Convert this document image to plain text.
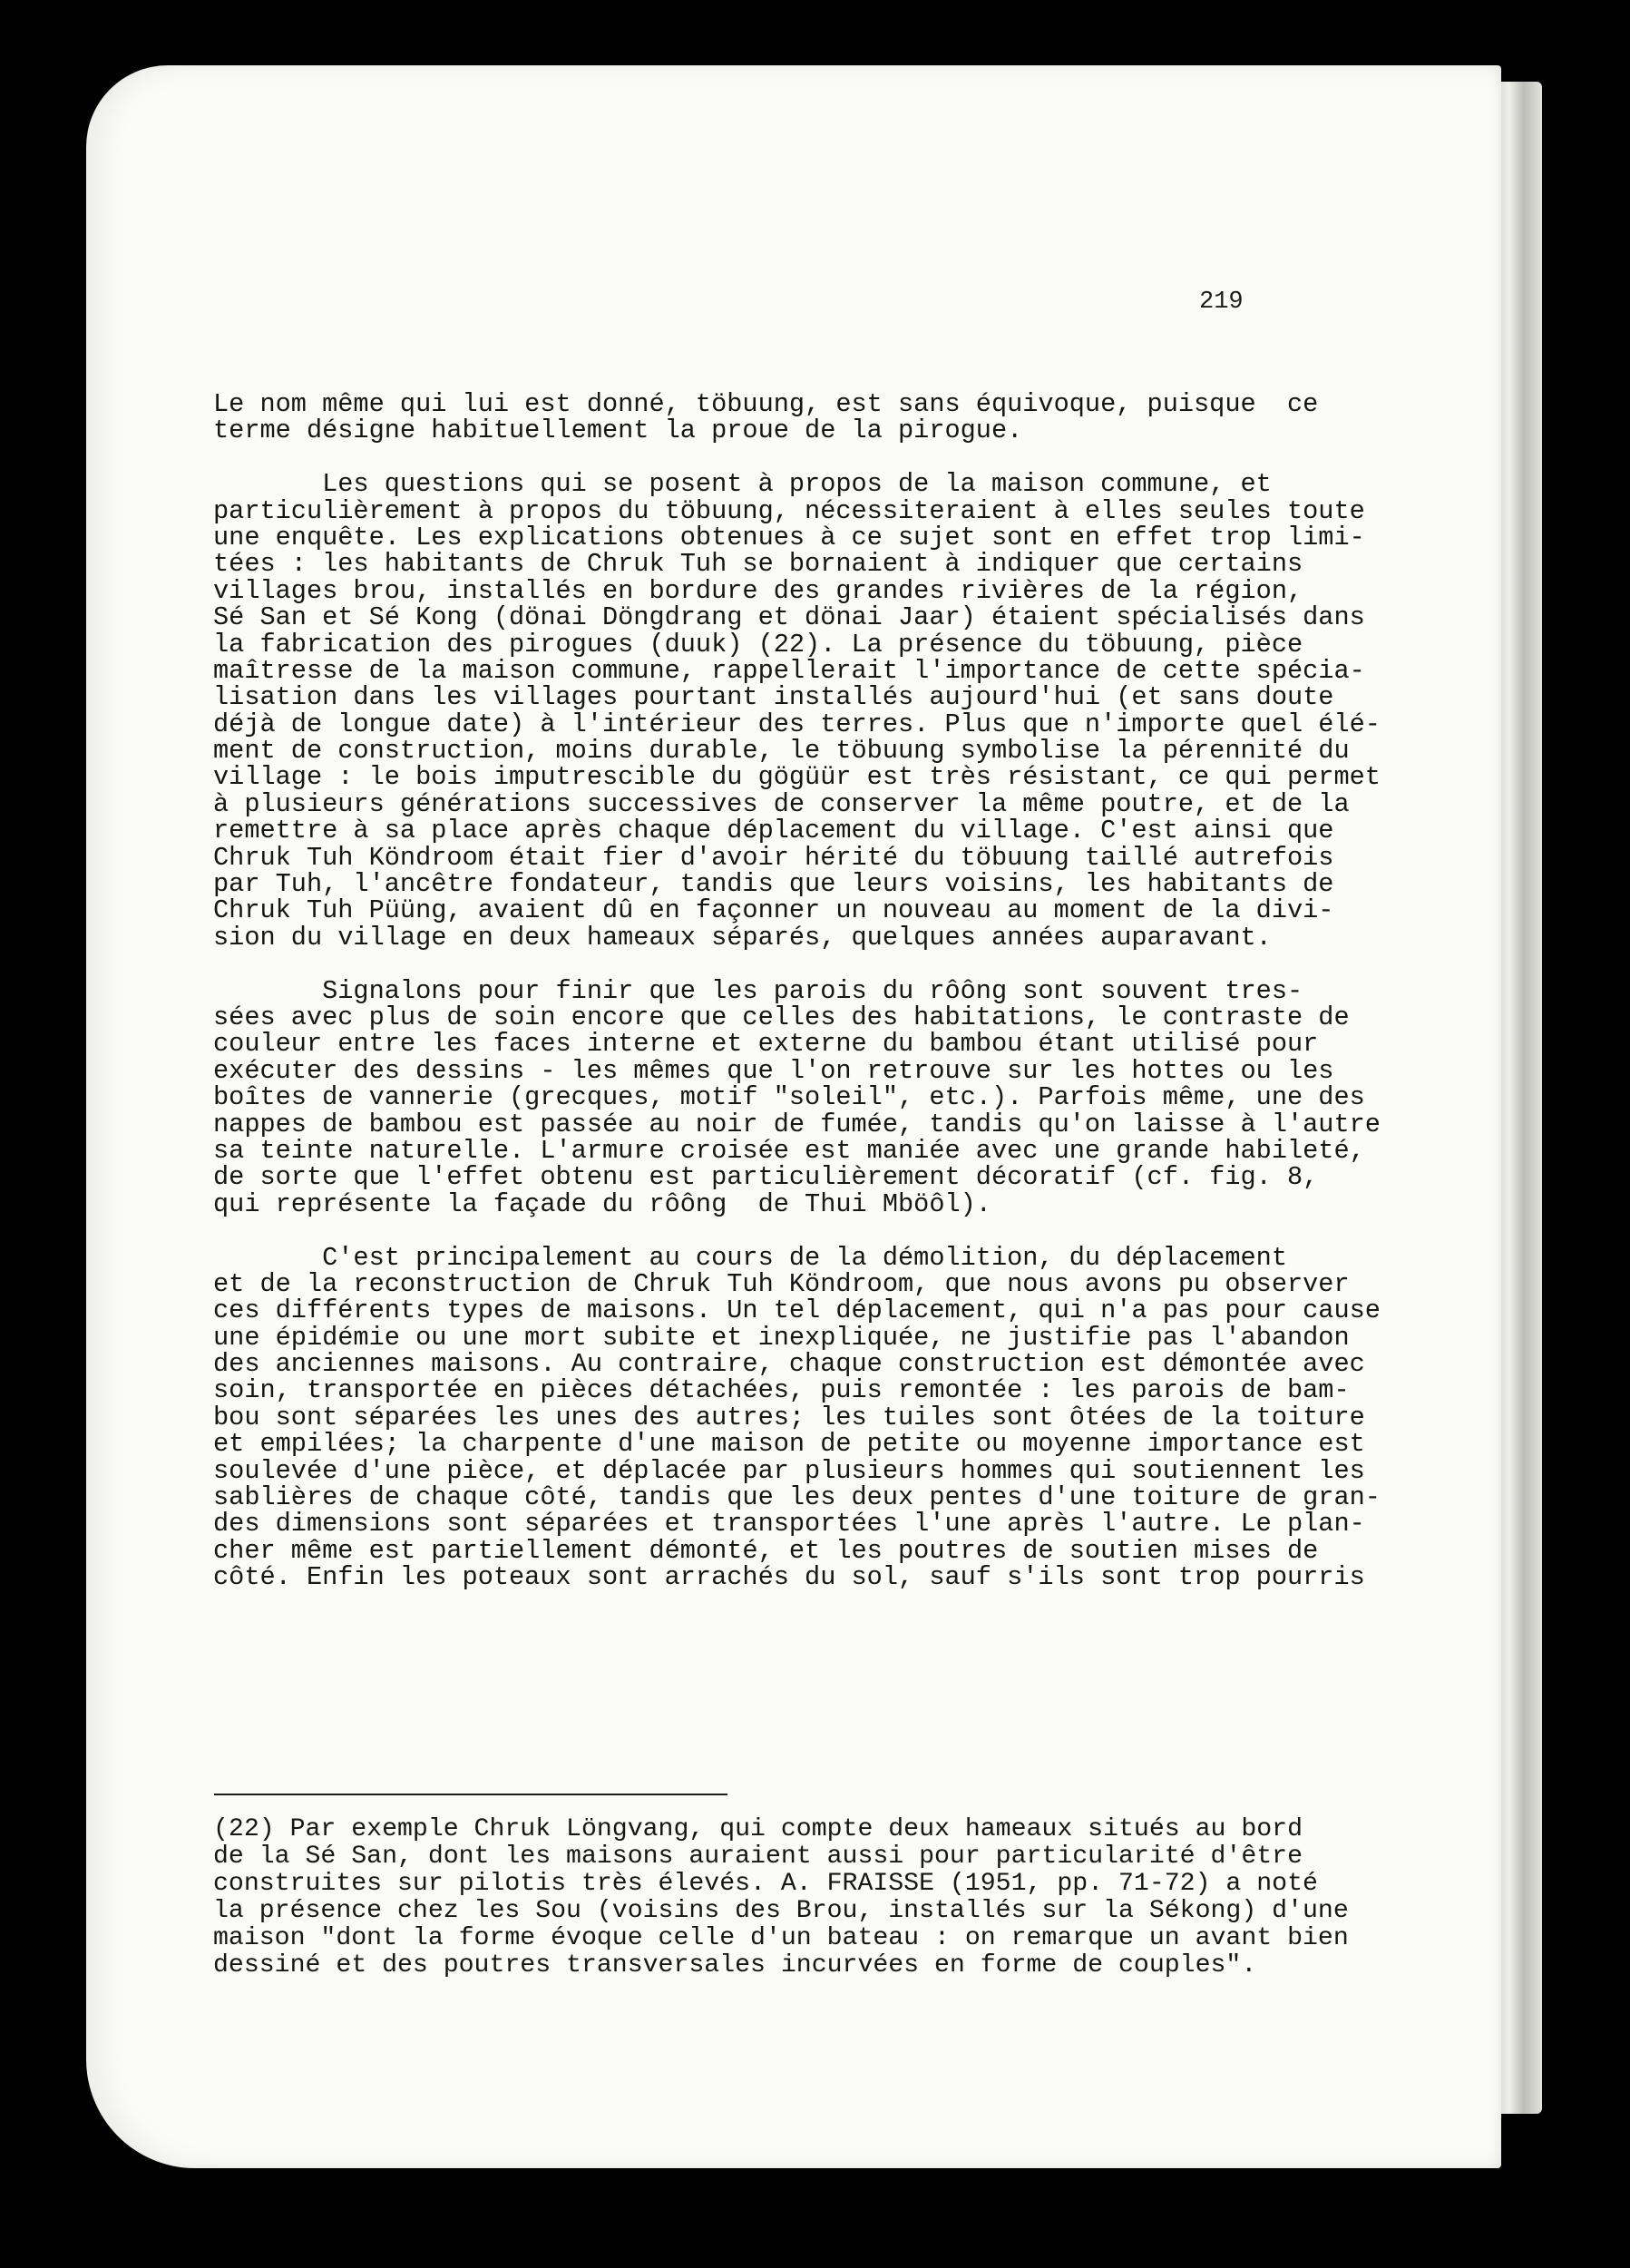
219
Le nom même qui lui est donné, töbuung, est sans équivoque, puisque  ce
terme désigne habituellement la proue de la pirogue.
Les questions qui se posent à propos de la maison commune, et
particulièrement à propos du töbuung, nécessiteraient à elles seules toute
une enquête. Les explications obtenues à ce sujet sont en effet trop limi-
tées : les habitants de Chruk Tuh se bornaient à indiquer que certains
villages brou, installés en bordure des grandes rivières de la région,
Sé San et Sé Kong (dönai Döngdrang et dönai Jaar) étaient spécialisés dans
la fabrication des pirogues (duuk) (22). La présence du töbuung, pièce
maîtresse de la maison commune, rappellerait l'importance de cette spécia-
lisation dans les villages pourtant installés aujourd'hui (et sans doute
déjà de longue date) à l'intérieur des terres. Plus que n'importe quel élé-
ment de construction, moins durable, le töbuung symbolise la pérennité du
village : le bois imputrescible du gögüür est très résistant, ce qui permet
à plusieurs générations successives de conserver la même poutre, et de la
remettre à sa place après chaque déplacement du village. C'est ainsi que
Chruk Tuh Köndroom était fier d'avoir hérité du töbuung taillé autrefois
par Tuh, l'ancêtre fondateur, tandis que leurs voisins, les habitants de
Chruk Tuh Püüng, avaient dû en façonner un nouveau au moment de la divi-
sion du village en deux hameaux séparés, quelques années auparavant.
Signalons pour finir que les parois du rôông sont souvent tres-
sées avec plus de soin encore que celles des habitations, le contraste de
couleur entre les faces interne et externe du bambou étant utilisé pour
exécuter des dessins - les mêmes que l'on retrouve sur les hottes ou les
boîtes de vannerie (grecques, motif "soleil", etc.). Parfois même, une des
nappes de bambou est passée au noir de fumée, tandis qu'on laisse à l'autre
sa teinte naturelle. L'armure croisée est maniée avec une grande habileté,
de sorte que l'effet obtenu est particulièrement décoratif (cf. fig. 8,
qui représente la façade du rôông  de Thui Mböôl).
C'est principalement au cours de la démolition, du déplacement
et de la reconstruction de Chruk Tuh Köndroom, que nous avons pu observer
ces différents types de maisons. Un tel déplacement, qui n'a pas pour cause
une épidémie ou une mort subite et inexpliquée, ne justifie pas l'abandon
des anciennes maisons. Au contraire, chaque construction est démontée avec
soin, transportée en pièces détachées, puis remontée : les parois de bam-
bou sont séparées les unes des autres; les tuiles sont ôtées de la toiture
et empilées; la charpente d'une maison de petite ou moyenne importance est
soulevée d'une pièce, et déplacée par plusieurs hommes qui soutiennent les
sablières de chaque côté, tandis que les deux pentes d'une toiture de gran-
des dimensions sont séparées et transportées l'une après l'autre. Le plan-
cher même est partiellement démonté, et les poutres de soutien mises de
côté. Enfin les poteaux sont arrachés du sol, sauf s'ils sont trop pourris
(22) Par exemple Chruk Löngvang, qui compte deux hameaux situés au bord
de la Sé San, dont les maisons auraient aussi pour particularité d'être
construites sur pilotis très élevés. A. FRAISSE (1951, pp. 71-72) a noté
la présence chez les Sou (voisins des Brou, installés sur la Sékong) d'une
maison "dont la forme évoque celle d'un bateau : on remarque un avant bien
dessiné et des poutres transversales incurvées en forme de couples".
